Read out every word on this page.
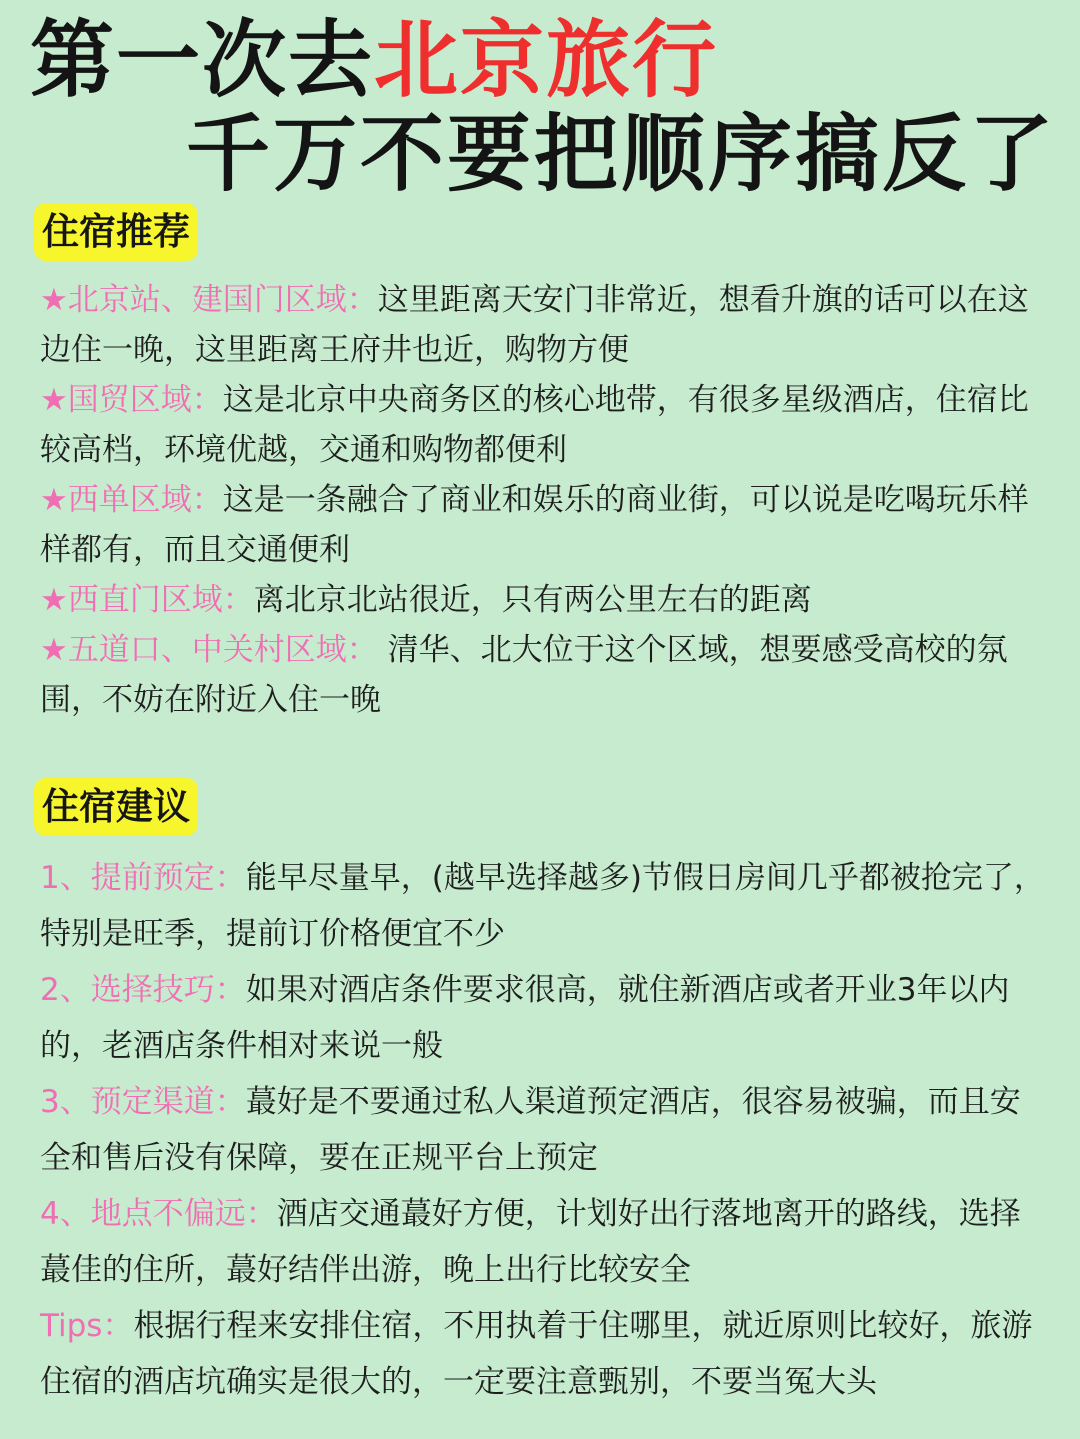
第一次去北京旅行
千万不要把顺序搞反了
住宿推荐
★北京站、建国门区域：这里距离天安门非常近，想看升旗的话可以在这边住一晚，这里距离王府井也近，购物方便
★国贸区域：这是北京中央商务区的核心地带，有很多星级酒店，住宿比较高档，环境优越，交通和购物都便利
★西单区域：这是一条融合了商业和娱乐的商业街，可以说是吃喝玩乐样样都有，而且交通便利
★西直门区域：离北京北站很近，只有两公里左右的距离
★五道口、中关村区域： 清华、北大位于这个区域，想要感受高校的氛围，不妨在附近入住一晚
住宿建议
1、提前预定：能早尽量早，(越早选择越多)节假日房间几乎都被抢完了，特别是旺季，提前订价格便宜不少
2、选择技巧：如果对酒店条件要求很高，就住新酒店或者开业3年以内的，老酒店条件相对来说一般
3、预定渠道：蕞好是不要通过私人渠道预定酒店，很容易被骗，而且安全和售后没有保障，要在正规平台上预定
4、地点不偏远：酒店交通蕞好方便，计划好出行落地离开的路线，选择蕞佳的住所，蕞好结伴出游，晚上出行比较安全
Tips：根据行程来安排住宿，不用执着于住哪里，就近原则比较好，旅游住宿的酒店坑确实是很大的，一定要注意甄别，不要当冤大头
